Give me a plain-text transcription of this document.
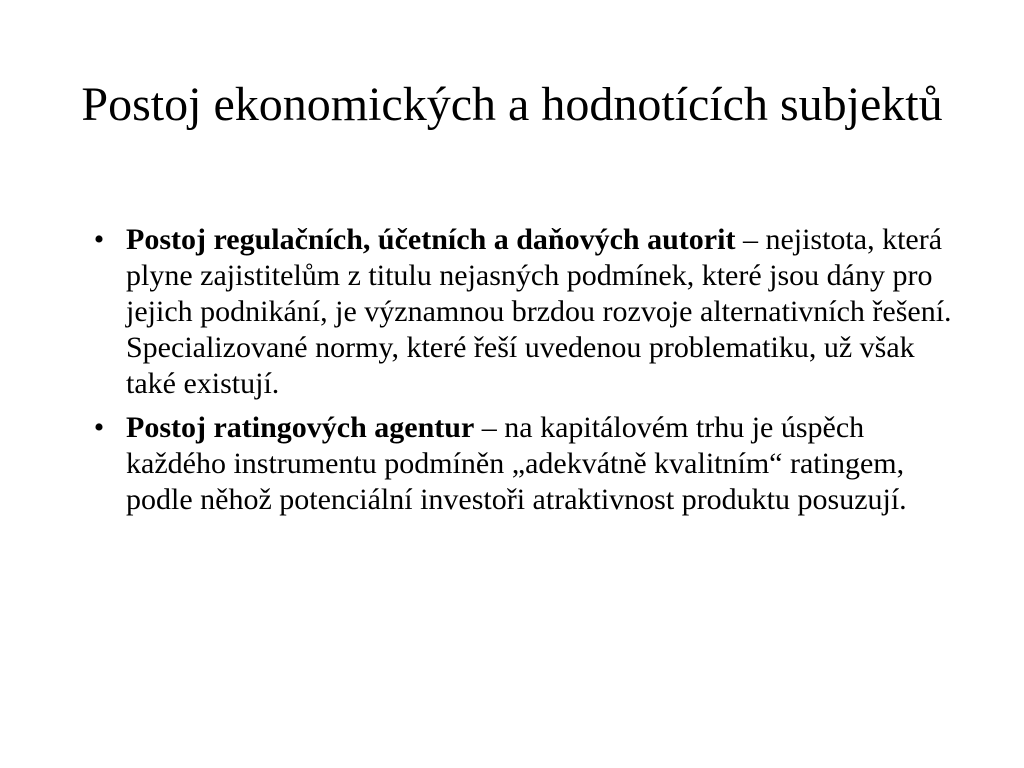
Postoj ekonomických a hodnotících subjektů
• Postoj regulačních, účetních a daňových autorit – nejistota, která plyne zajistitelům z titulu nejasných podmínek, které jsou dány pro jejich podnikání, je významnou brzdou rozvoje alternativních řešení. Specializované normy, které řeší uvedenou problematiku, už však také existují.
• Postoj ratingových agentur – na kapitálovém trhu je úspěch každého instrumentu podmíněn „adekvátně kvalitním“ ratingem, podle něhož potenciální investoři atraktivnost produktu posuzují.
